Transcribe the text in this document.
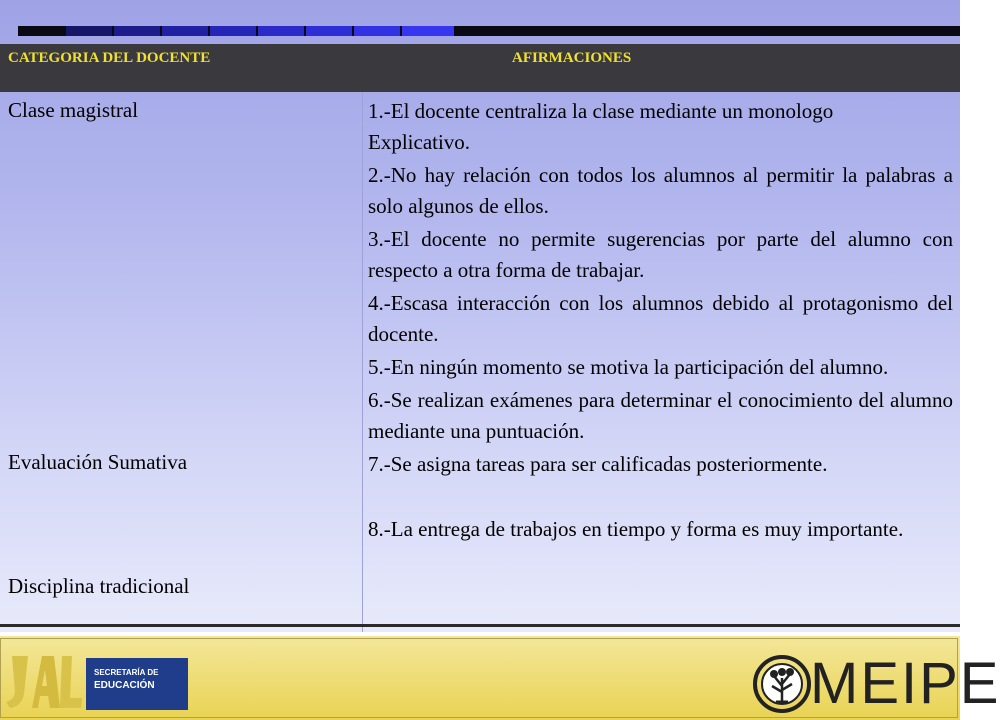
CATEGORIA DEL DOCENTE	AFIRMACIONES
Clase magistral
Evaluación Sumativa
Disciplina tradicional

1.-El docente centraliza la clase mediante un monologo

Explicativo.

2.-No hay relación con todos los alumnos al permitir la palabras a solo algunos de ellos.

3.-El docente no permite sugerencias por parte del alumno con respecto a otra forma de trabajar.

4.-Escasa interacción con los alumnos debido al protagonismo del docente.

5.-En ningún momento se motiva la participación del alumno.

6.-Se realizan exámenes para determinar el conocimiento del alumno mediante una puntuación.

7.-Se asigna tareas para ser calificadas posteriormente.

8.-La entrega de trabajos en tiempo y forma es muy importante.

SECRETARÍA DE
EDUCACIÓN	MEIPE
